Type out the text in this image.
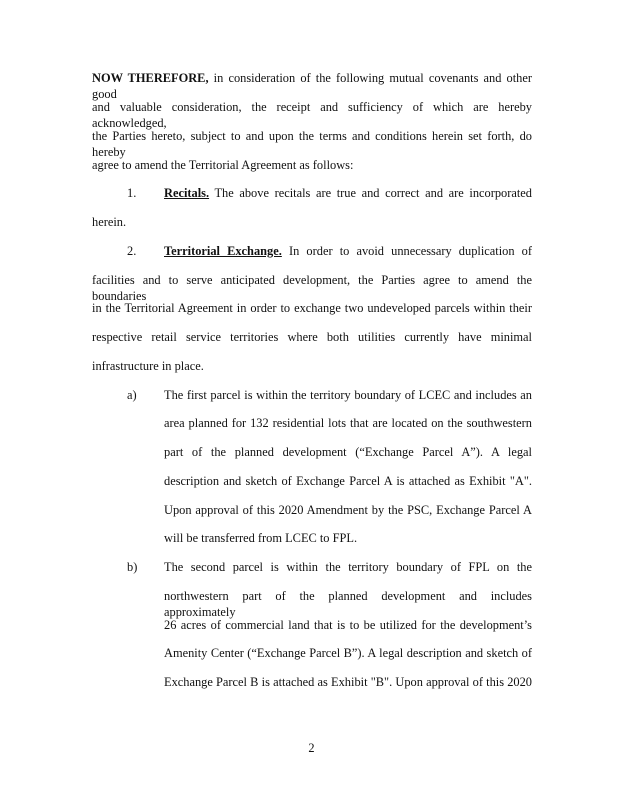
NOW THEREFORE, in consideration of the following mutual covenants and other good
and valuable consideration, the receipt and sufficiency of which are hereby acknowledged,
the Parties hereto, subject to and upon the terms and conditions herein set forth, do hereby
agree to amend the Territorial Agreement as follows:
1. Recitals. The above recitals are true and correct and are incorporated
herein.
2. Territorial Exchange. In order to avoid unnecessary duplication of
facilities and to serve anticipated development, the Parties agree to amend the boundaries
in the Territorial Agreement in order to exchange two undeveloped parcels within their
respective retail service territories where both utilities currently have minimal
infrastructure in place.
a) The first parcel is within the territory boundary of LCEC and includes an
area planned for 132 residential lots that are located on the southwestern
part of the planned development (“Exchange Parcel A”). A legal
description and sketch of Exchange Parcel A is attached as Exhibit "A".
Upon approval of this 2020 Amendment by the PSC, Exchange Parcel A
will be transferred from LCEC to FPL.
b) The second parcel is within the territory boundary of FPL on the
northwestern part of the planned development and includes approximately
26 acres of commercial land that is to be utilized for the development’s
Amenity Center (“Exchange Parcel B”). A legal description and sketch of
Exchange Parcel B is attached as Exhibit "B". Upon approval of this 2020
2
